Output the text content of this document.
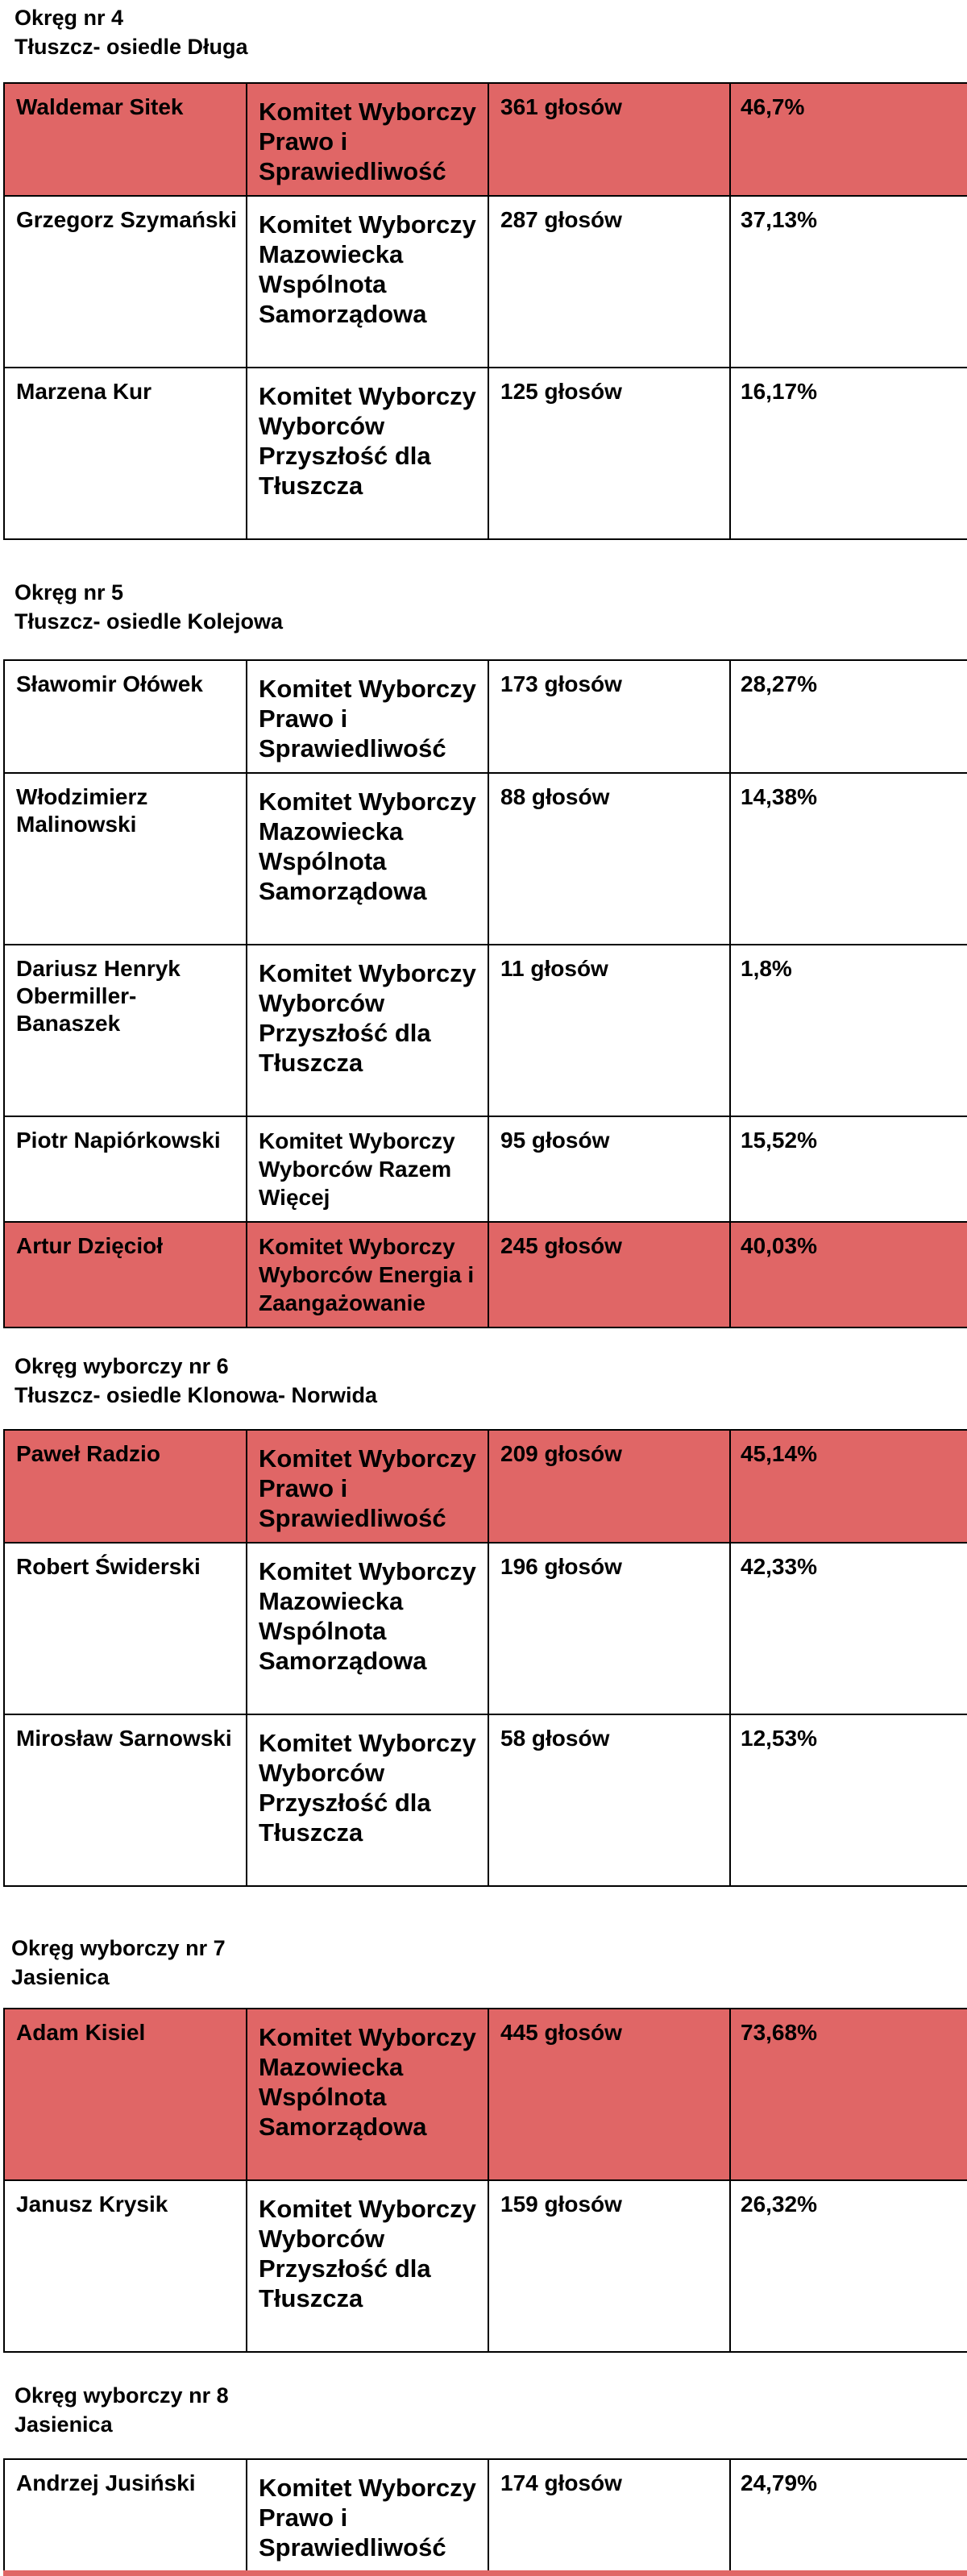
Okręg nr 4
Tłuszcz- osiedle Długa
Waldemar Sitek	Komitet Wyborczy Prawo i Sprawiedliwość	361 głosów	46,7%
Grzegorz Szymański	Komitet Wyborczy Mazowiecka Wspólnota Samorządowa	287 głosów	37,13%
Marzena Kur	Komitet Wyborczy Wyborców Przyszłość dla Tłuszcza	125 głosów	16,17%
Okręg nr 5
Tłuszcz- osiedle Kolejowa
Sławomir Ołówek	Komitet Wyborczy Prawo i Sprawiedliwość	173 głosów	28,27%
Włodzimierz Malinowski	Komitet Wyborczy Mazowiecka Wspólnota Samorządowa	88 głosów	14,38%
Dariusz Henryk Obermiller- Banaszek	Komitet Wyborczy Wyborców Przyszłość dla Tłuszcza	11 głosów	1,8%
Piotr Napiórkowski	Komitet Wyborczy Wyborców Razem Więcej	95 głosów	15,52%
Artur Dzięcioł	Komitet Wyborczy Wyborców Energia i Zaangażowanie	245 głosów	40,03%
Okręg wyborczy nr 6
Tłuszcz- osiedle Klonowa- Norwida
Paweł Radzio	Komitet Wyborczy Prawo i Sprawiedliwość	209 głosów	45,14%
Robert Świderski	Komitet Wyborczy Mazowiecka Wspólnota Samorządowa	196 głosów	42,33%
Mirosław Sarnowski	Komitet Wyborczy Wyborców Przyszłość dla Tłuszcza	58 głosów	12,53%
Okręg wyborczy nr 7
Jasienica
Adam Kisiel	Komitet Wyborczy Mazowiecka Wspólnota Samorządowa	445 głosów	73,68%
Janusz Krysik	Komitet Wyborczy Wyborców Przyszłość dla Tłuszcza	159 głosów	26,32%
Okręg wyborczy nr 8
Jasienica
Andrzej Jusiński	Komitet Wyborczy Prawo i Sprawiedliwość	174 głosów	24,79%
